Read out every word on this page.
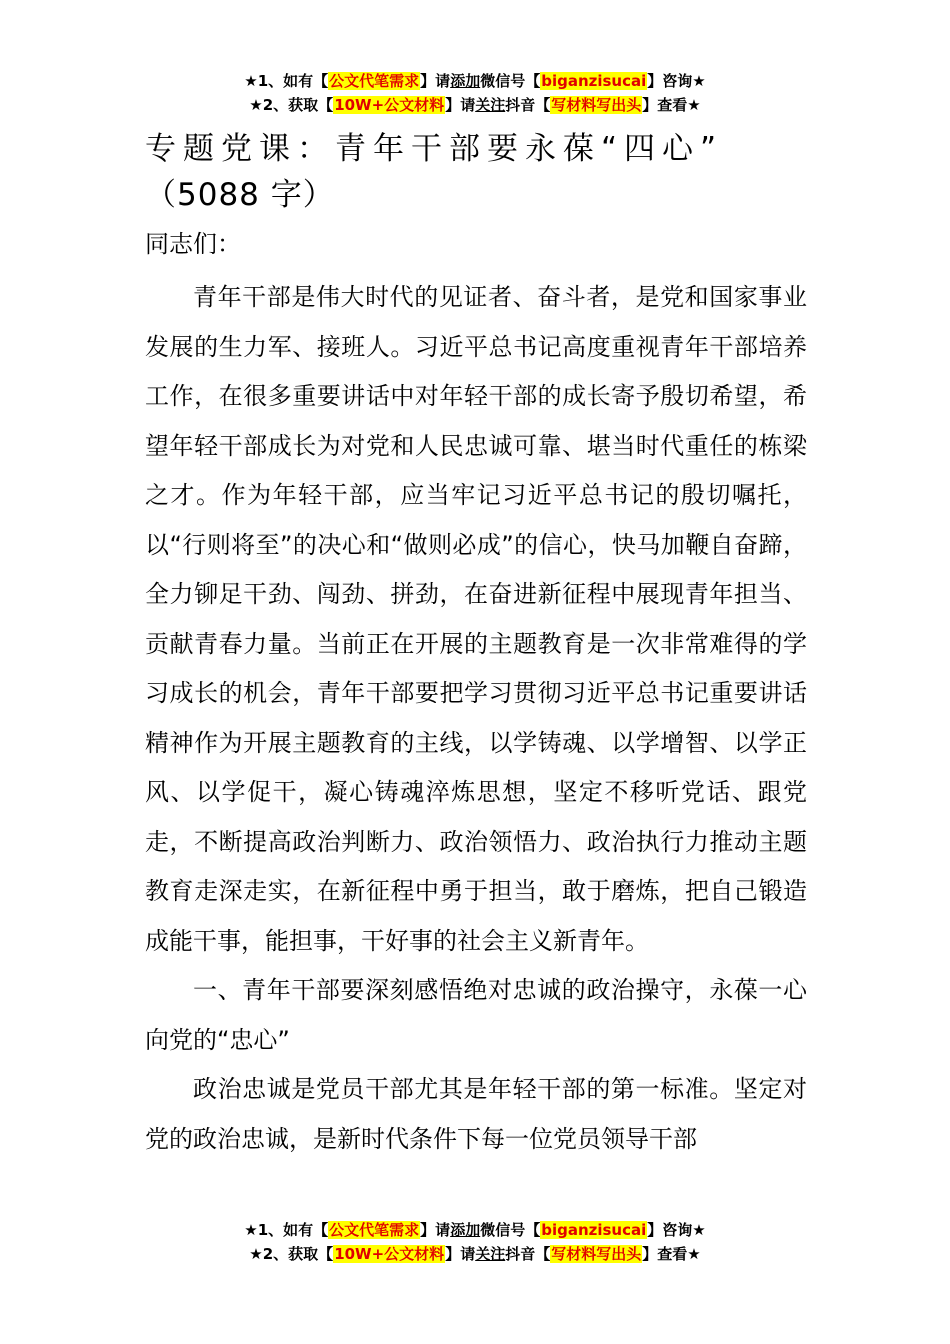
★1、如有【公文代笔需求】请添加微信号【biganzisucai】咨询★
★2、获取【10W+公文材料】请关注抖音【写材料写出头】查看★
专题党课：青年干部要永葆“四心”
（5088 字）
同志们：

青年干部是伟大时代的见证者、奋斗者，是党和国家事业发展的生力军、接班人。习近平总书记高度重视青年干部培养工作，在很多重要讲话中对年轻干部的成长寄予殷切希望，希望年轻干部成长为对党和人民忠诚可靠、堪当时代重任的栋梁之才。作为年轻干部，应当牢记习近平总书记的殷切嘱托，以“行则将至”的决心和“做则必成”的信心，快马加鞭自奋蹄，全力铆足干劲、闯劲、拼劲，在奋进新征程中展现青年担当、贡献青春力量。当前正在开展的主题教育是一次非常难得的学习成长的机会，青年干部要把学习贯彻习近平总书记重要讲话精神作为开展主题教育的主线，以学铸魂、以学增智、以学正风、以学促干，凝心铸魂淬炼思想，坚定不移听党话、跟党走，不断提高政治判断力、政治领悟力、政治执行力推动主题教育走深走实，在新征程中勇于担当，敢于磨炼，把自己锻造成能干事，能担事，干好事的社会主义新青年。

一、青年干部要深刻感悟绝对忠诚的政治操守，永葆一心向党的“忠心”

政治忠诚是党员干部尤其是年轻干部的第一标准。坚定对党的政治忠诚，是新时代条件下每一位党员领导干部

★1、如有【公文代笔需求】请添加微信号【biganzisucai】咨询★
★2、获取【10W+公文材料】请关注抖音【写材料写出头】查看★
